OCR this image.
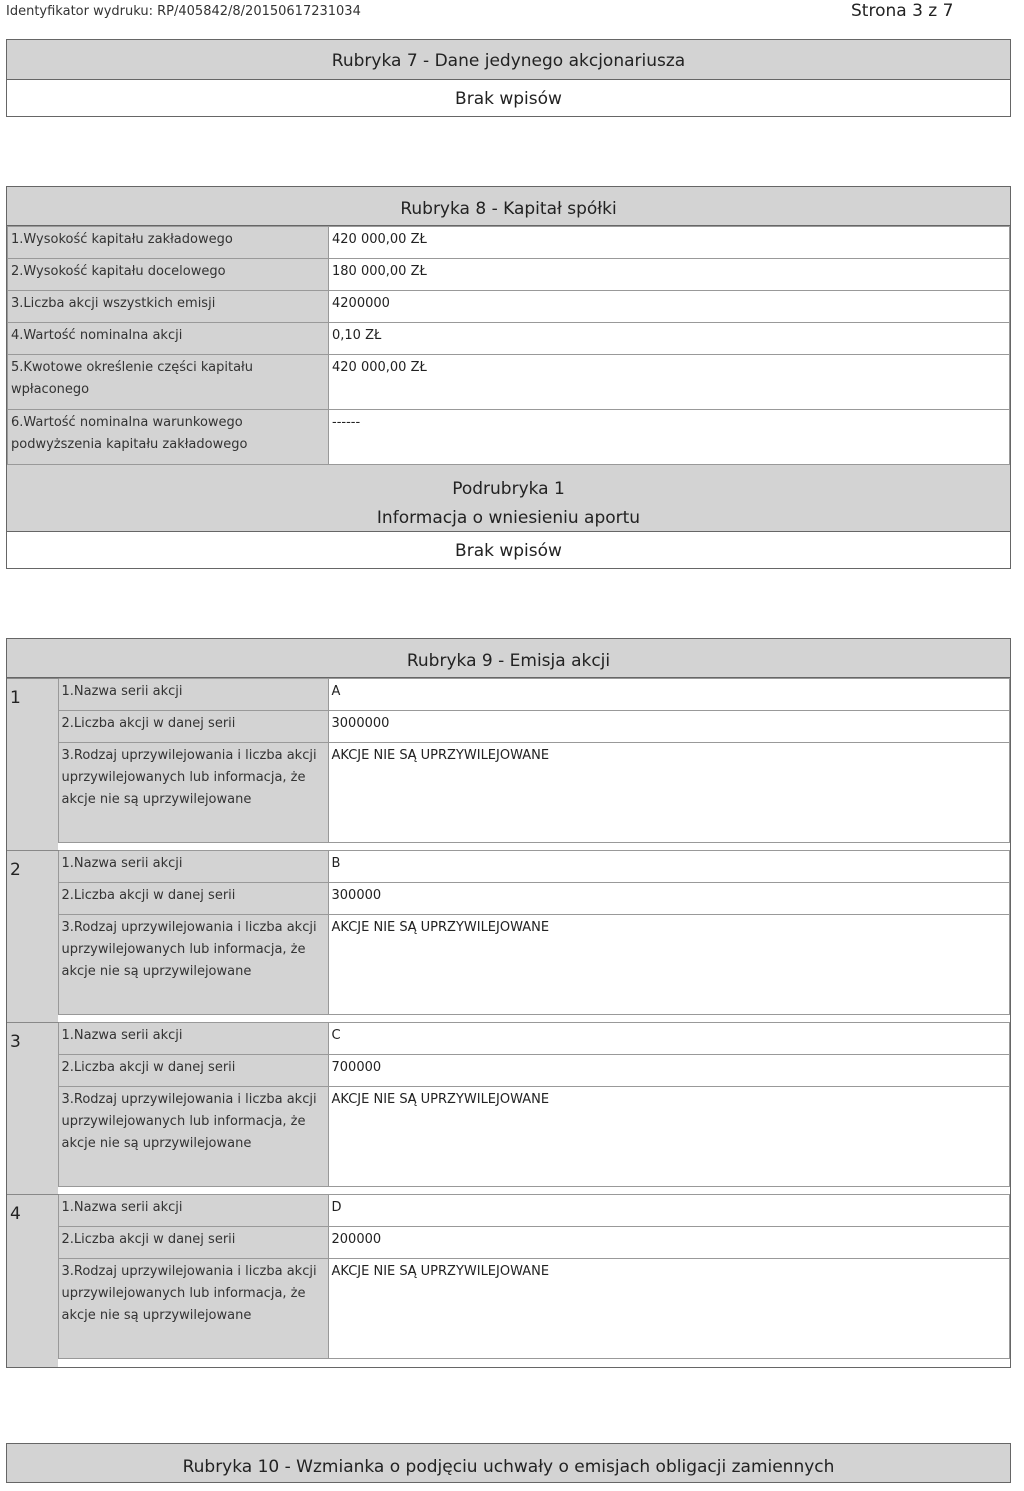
Identyfikator wydruku: RP/405842/8/20150617231034	Strona 3 z 7
Rubryka 7 - Dane jedynego akcjonariusza
Brak wpisów
Rubryka 8 - Kapitał spółki
1.Wysokość kapitału zakładowego	420 000,00 ZŁ
2.Wysokość kapitału docelowego	180 000,00 ZŁ
3.Liczba akcji wszystkich emisji	4200000
4.Wartość nominalna akcji	0,10 ZŁ
5.Kwotowe określenie części kapitału wpłaconego	420 000,00 ZŁ
6.Wartość nominalna warunkowego podwyższenia kapitału zakładowego	------
Podrubryka 1
Informacja o wniesieniu aportu
Brak wpisów
Rubryka 9 - Emisja akcji
1	1.Nazwa serii akcji	A
	2.Liczba akcji w danej serii	3000000
	3.Rodzaj uprzywilejowania i liczba akcji uprzywilejowanych lub informacja, że akcje nie są uprzywilejowane	AKCJE NIE SĄ UPRZYWILEJOWANE

2	1.Nazwa serii akcji	B
	2.Liczba akcji w danej serii	300000
	3.Rodzaj uprzywilejowania i liczba akcji uprzywilejowanych lub informacja, że akcje nie są uprzywilejowane	AKCJE NIE SĄ UPRZYWILEJOWANE

3	1.Nazwa serii akcji	C
	2.Liczba akcji w danej serii	700000
	3.Rodzaj uprzywilejowania i liczba akcji uprzywilejowanych lub informacja, że akcje nie są uprzywilejowane	AKCJE NIE SĄ UPRZYWILEJOWANE

4	1.Nazwa serii akcji	D
	2.Liczba akcji w danej serii	200000
	3.Rodzaj uprzywilejowania i liczba akcji uprzywilejowanych lub informacja, że akcje nie są uprzywilejowane	AKCJE NIE SĄ UPRZYWILEJOWANE

Rubryka 10 - Wzmianka o podjęciu uchwały o emisjach obligacji zamiennych
